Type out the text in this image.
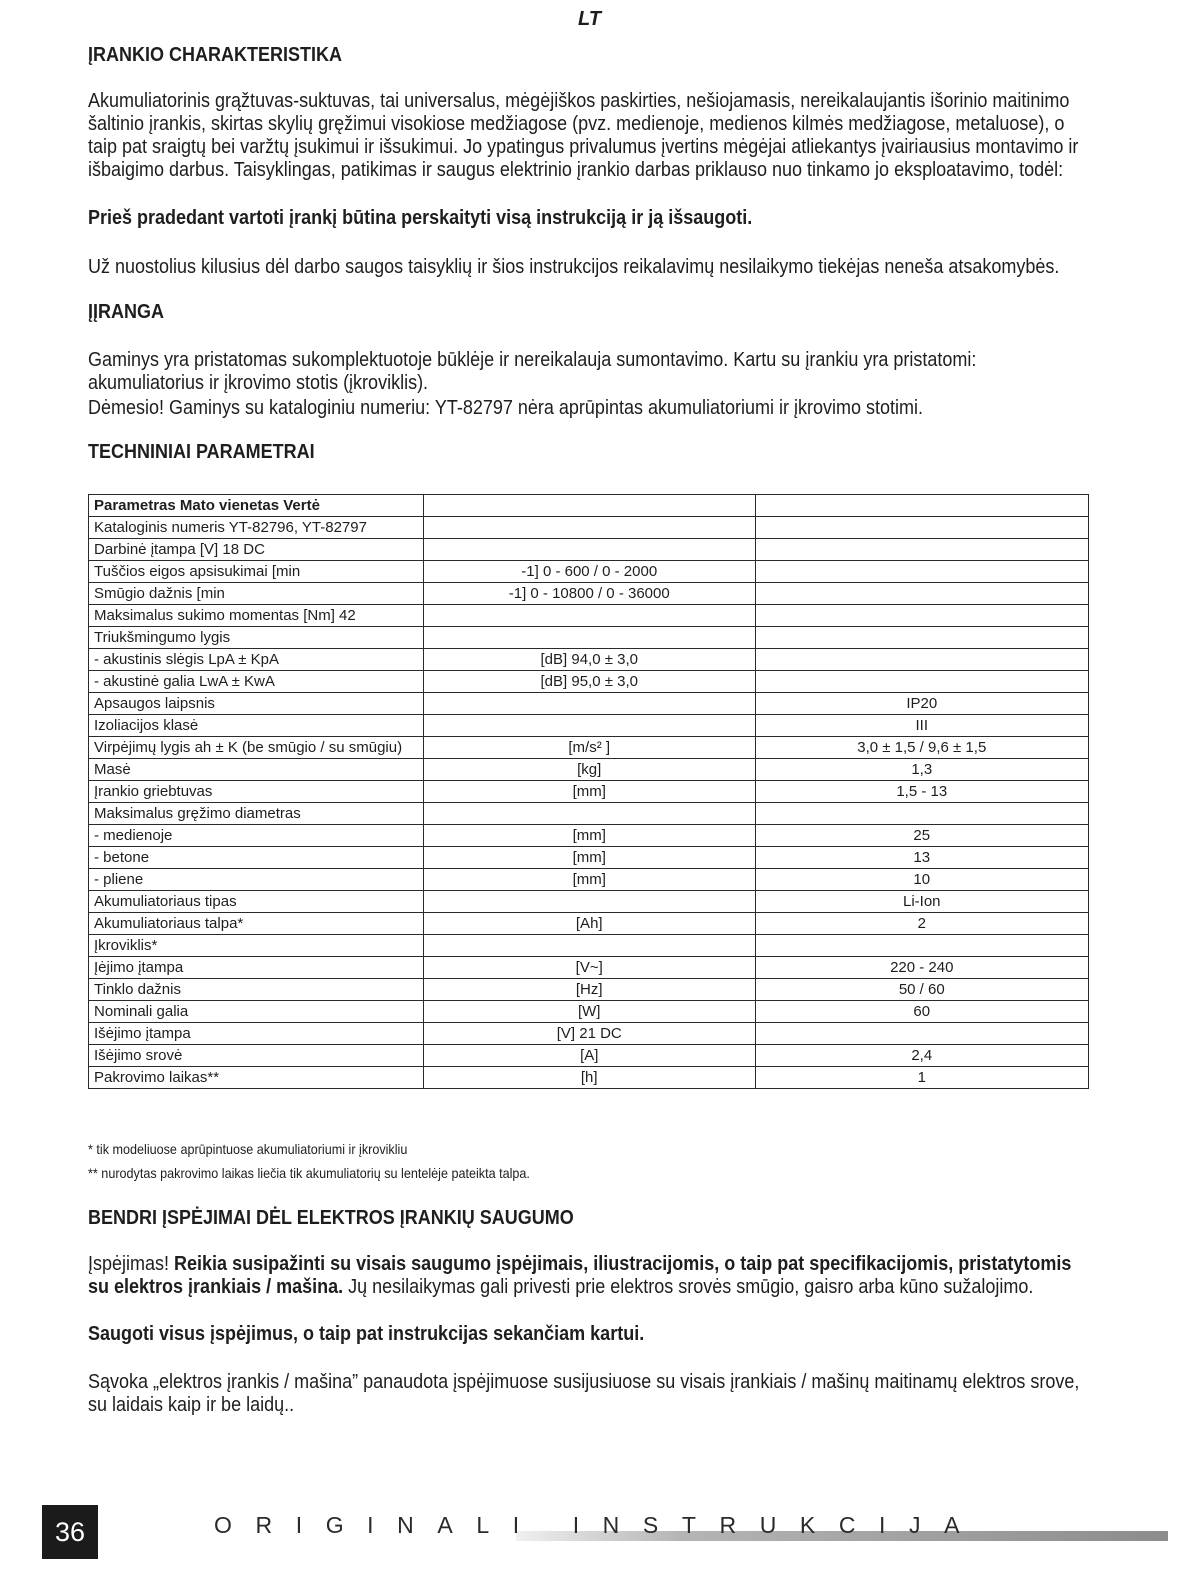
LT
ĮRANKIO CHARAKTERISTIKA
Akumuliatorinis grąžtuvas-suktuvas, tai universalus, mėgėjiškos paskirties, nešiojamasis, nereikalaujantis išorinio maitinimo šaltinio įrankis, skirtas skylių gręžimui visokiose medžiagose (pvz. medienoje, medienos kilmės medžiagose, metaluose), o taip pat sraigtų bei varžtų įsukimui ir išsukimui. Jo ypatingus privalumus įvertins mėgėjai atliekantys įvairiausius montavimo ir išbaigimo darbus. Taisyklingas, patikimas ir saugus elektrinio įrankio darbas priklauso nuo tinkamo jo eksploatavimo, todėl:
Prieš pradedant vartoti įrankį būtina perskaityti visą instrukciją ir ją išsaugoti.
Už nuostolius kilusius dėl darbo saugos taisyklių ir šios instrukcijos reikalavimų nesilaikymo tiekėjas neneša atsakomybės.
ĮĮRANGA
Gaminys yra pristatomas sukomplektuotoje būklėje ir nereikalauja sumontavimo. Kartu su įrankiu yra pristatomi: akumuliatorius ir įkrovimo stotis (įkroviklis).
Dėmesio! Gaminys su kataloginiu numeriu: YT-82797 nėra aprūpintas akumuliatoriumi ir įkrovimo stotimi.
TECHNINIAI PARAMETRAI
Parametras Mato vienetas Vertė		
Kataloginis numeris YT-82796, YT-82797		
Darbinė įtampa [V] 18 DC		
Tuščios eigos apsisukimai [min	-1] 0 - 600 / 0 - 2000	
Smūgio dažnis [min	-1] 0 - 10800 / 0 - 36000	
Maksimalus sukimo momentas [Nm] 42		
Triukšmingumo lygis		
- akustinis slėgis LpA ± KpA	[dB] 94,0 ± 3,0	
- akustinė galia LwA ± KwA	[dB] 95,0 ± 3,0	
Apsaugos laipsnis		IP20
Izoliacijos klasė		III
Virpėjimų lygis ah ± K (be smūgio / su smūgiu)	[m/s² ]	3,0 ± 1,5 / 9,6 ± 1,5
Masė	[kg]	1,3
Įrankio griebtuvas	[mm]	1,5 - 13
Maksimalus gręžimo diametras		
- medienoje	[mm]	25
- betone	[mm]	13
- pliene	[mm]	10
Akumuliatoriaus tipas		Li-Ion
Akumuliatoriaus talpa*	[Ah]	2
Įkroviklis*		
Įėjimo įtampa	[V~]	220 - 240
Tinklo dažnis	[Hz]	50 / 60
Nominali galia	[W]	60
Išėjimo įtampa	[V] 21 DC	
Išėjimo srovė	[A]	2,4
Pakrovimo laikas**	[h]	1
* tik modeliuose aprūpintuose akumuliatoriumi ir įkrovikliu
** nurodytas pakrovimo laikas liečia tik akumuliatorių su lentelėje pateikta talpa.
BENDRI ĮSPĖJIMAI DĖL ELEKTROS ĮRANKIŲ SAUGUMO
Įspėjimas! Reikia susipažinti su visais saugumo įspėjimais, iliustracijomis, o taip pat specifikacijomis, pristatytomis su elektros įrankiais / mašina. Jų nesilaikymas gali privesti prie elektros srovės smūgio, gaisro arba kūno sužalojimo.
Saugoti visus įspėjimus, o taip pat instrukcijas sekančiam kartui.
Sąvoka „elektros įrankis / mašina” panaudota įspėjimuose susijusiuose su visais įrankiais / mašinų maitinamų elektros srove, su laidais kaip ir be laidų..
ORIGINALI INSTRUKCIJA
36
